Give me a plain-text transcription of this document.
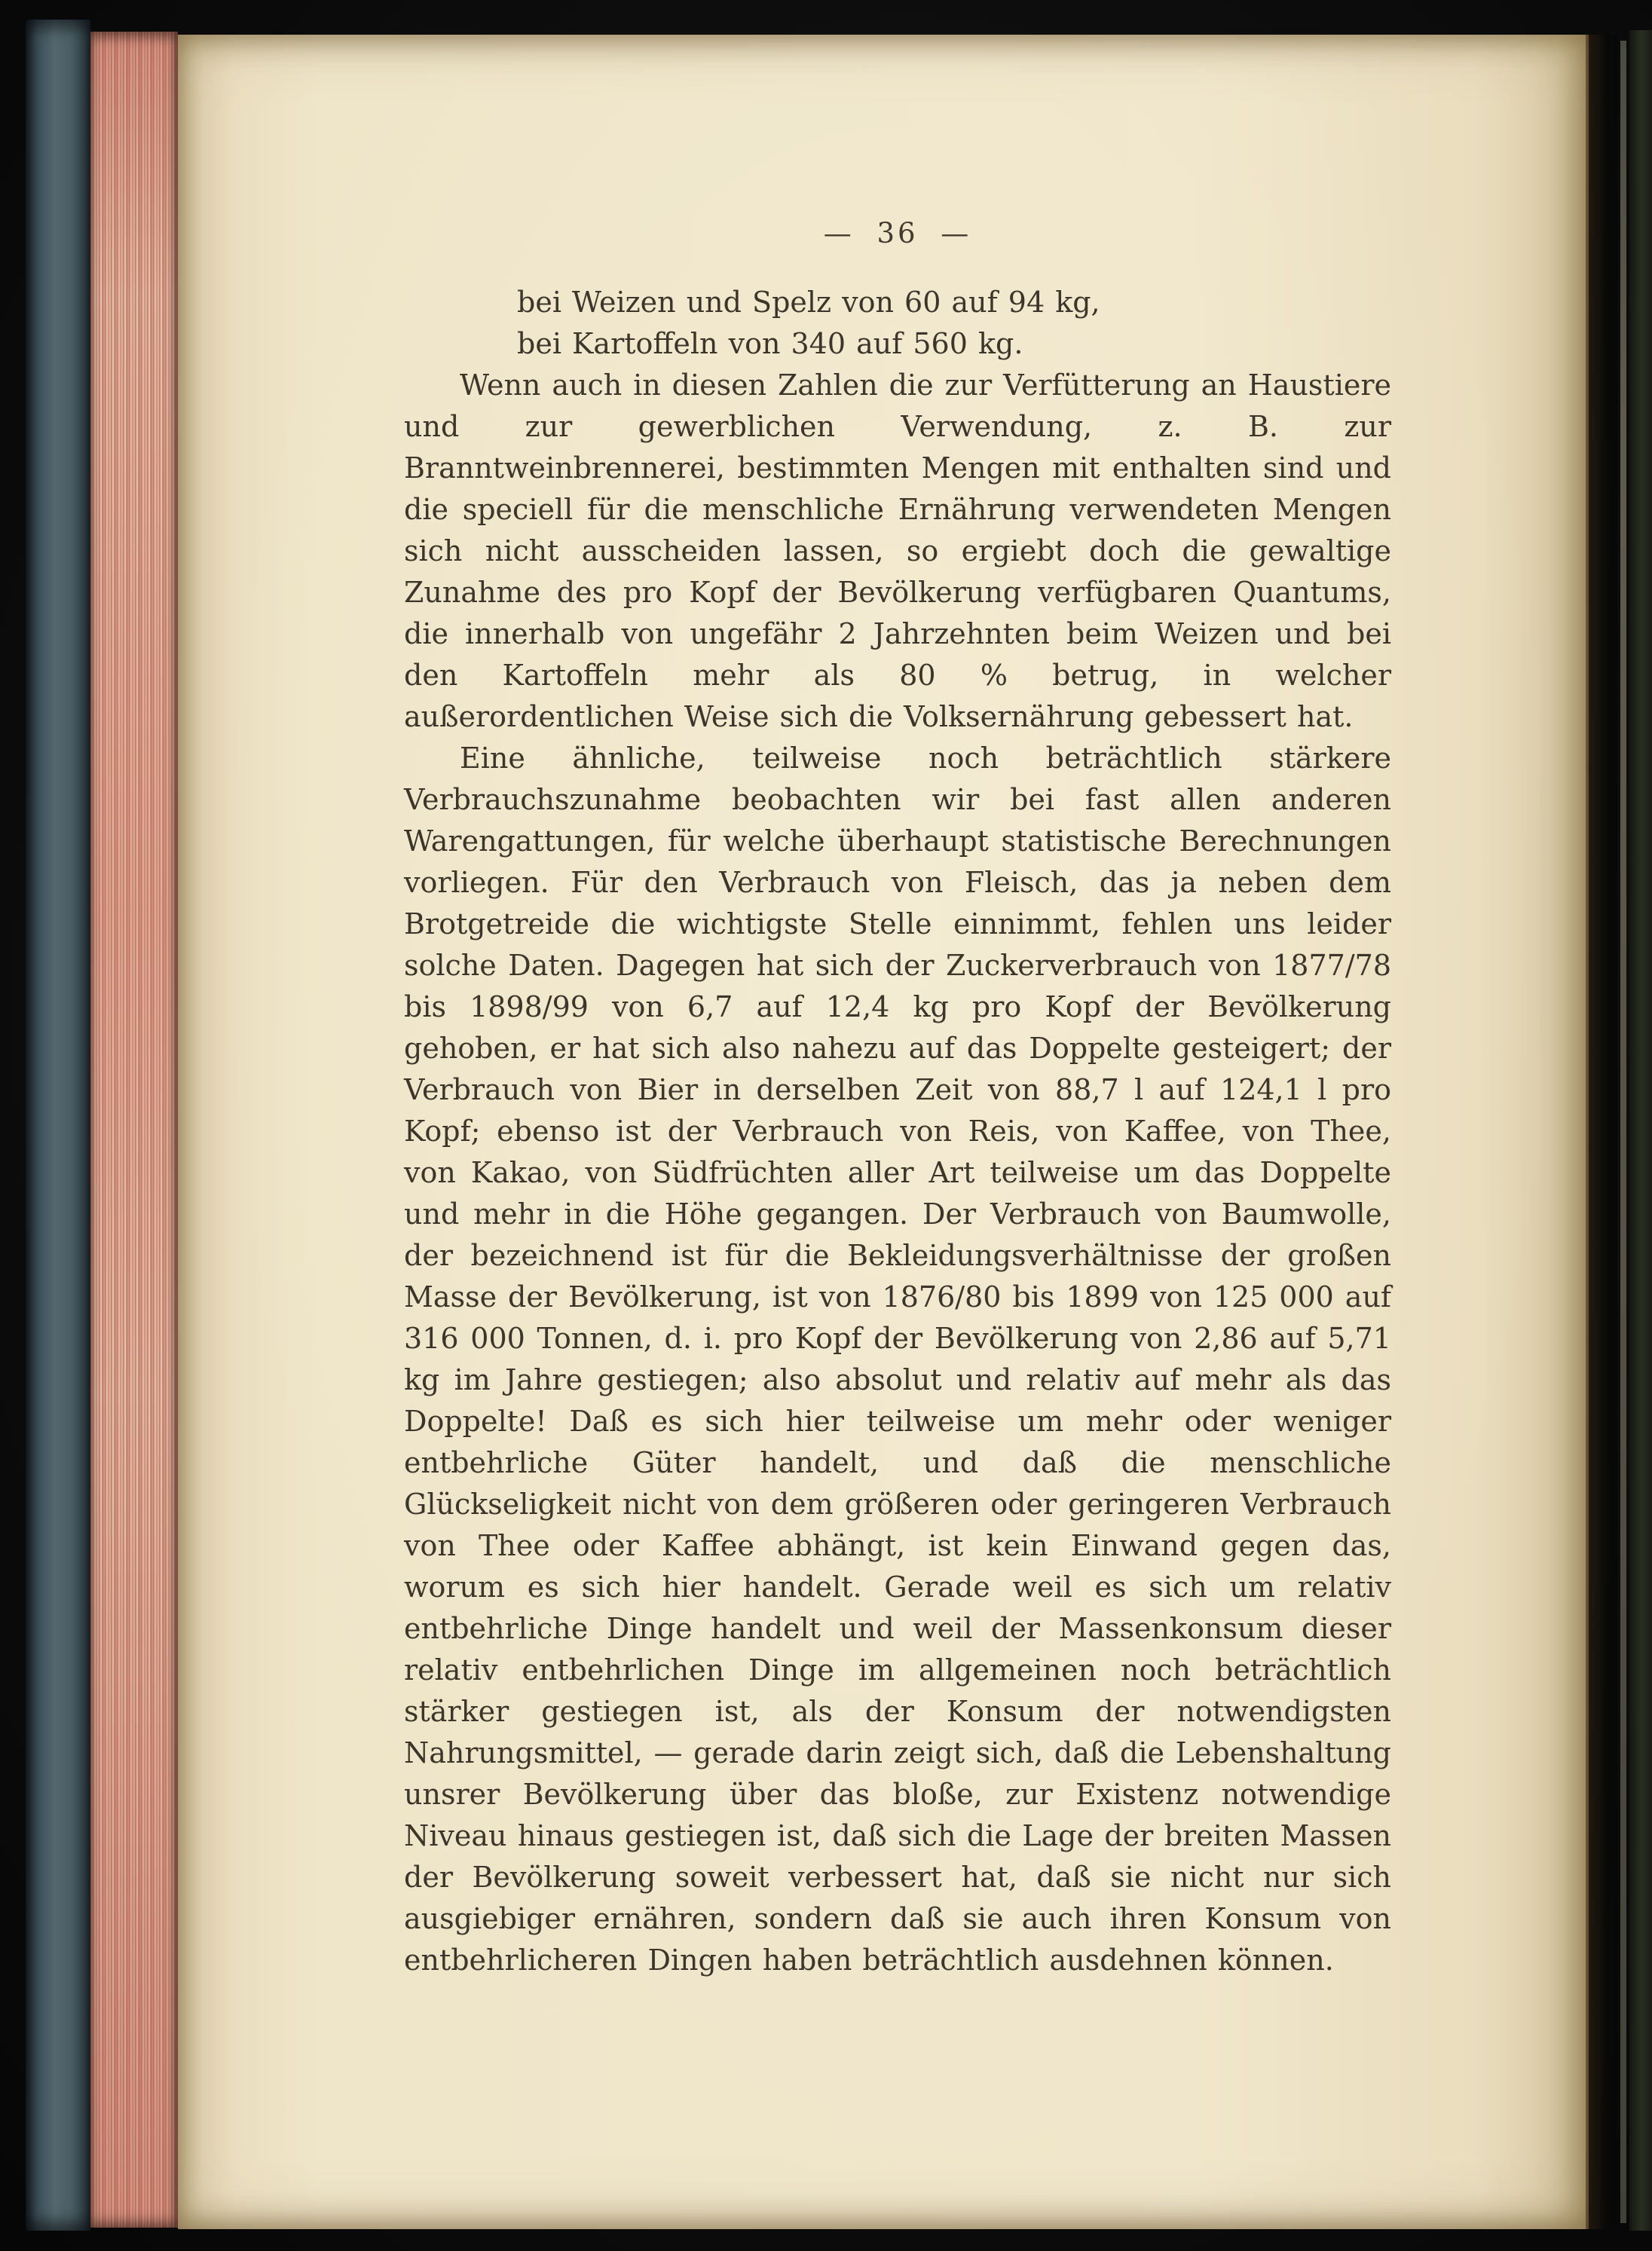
— 36 —
bei Weizen und Spelz von 60 auf 94 kg,
bei Kartoffeln von 340 auf 560 kg.

Wenn auch in diesen Zahlen die zur Verfütterung an Haustiere und zur gewerblichen Verwendung, z. B. zur Branntweinbrennerei, bestimmten Mengen mit enthalten sind und die speciell für die menschliche Ernährung verwendeten Mengen sich nicht ausscheiden lassen, so ergiebt doch die gewaltige Zunahme des pro Kopf der Bevölkerung verfügbaren Quantums, die innerhalb von ungefähr 2 Jahrzehnten beim Weizen und bei den Kartoffeln mehr als 80 % betrug, in welcher außerordentlichen Weise sich die Volksernährung gebessert hat.

Eine ähnliche, teilweise noch beträchtlich stärkere Verbrauchszunahme beobachten wir bei fast allen anderen Warengattungen, für welche überhaupt statistische Berechnungen vorliegen. Für den Verbrauch von Fleisch, das ja neben dem Brotgetreide die wichtigste Stelle einnimmt, fehlen uns leider solche Daten. Dagegen hat sich der Zuckerverbrauch von 1877/78 bis 1898/99 von 6,7 auf 12,4 kg pro Kopf der Bevölkerung gehoben, er hat sich also nahezu auf das Doppelte gesteigert; der Verbrauch von Bier in derselben Zeit von 88,7 l auf 124,1 l pro Kopf; ebenso ist der Verbrauch von Reis, von Kaffee, von Thee, von Kakao, von Südfrüchten aller Art teilweise um das Doppelte und mehr in die Höhe gegangen. Der Verbrauch von Baumwolle, der bezeichnend ist für die Bekleidungsverhältnisse der großen Masse der Bevölkerung, ist von 1876/80 bis 1899 von 125 000 auf 316 000 Tonnen, d. i. pro Kopf der Bevölkerung von 2,86 auf 5,71 kg im Jahre gestiegen; also absolut und relativ auf mehr als das Doppelte! Daß es sich hier teilweise um mehr oder weniger entbehrliche Güter handelt, und daß die menschliche Glückseligkeit nicht von dem größeren oder geringeren Verbrauch von Thee oder Kaffee abhängt, ist kein Einwand gegen das, worum es sich hier handelt. Gerade weil es sich um relativ entbehrliche Dinge handelt und weil der Massenkonsum dieser relativ entbehrlichen Dinge im allgemeinen noch beträchtlich stärker gestiegen ist, als der Konsum der notwendigsten Nahrungsmittel, — gerade darin zeigt sich, daß die Lebenshaltung unsrer Bevölkerung über das bloße, zur Existenz notwendige Niveau hinaus gestiegen ist, daß sich die Lage der breiten Massen der Bevölkerung soweit verbessert hat, daß sie nicht nur sich ausgiebiger ernähren, sondern daß sie auch ihren Konsum von entbehrlicheren Dingen haben beträchtlich ausdehnen können.
